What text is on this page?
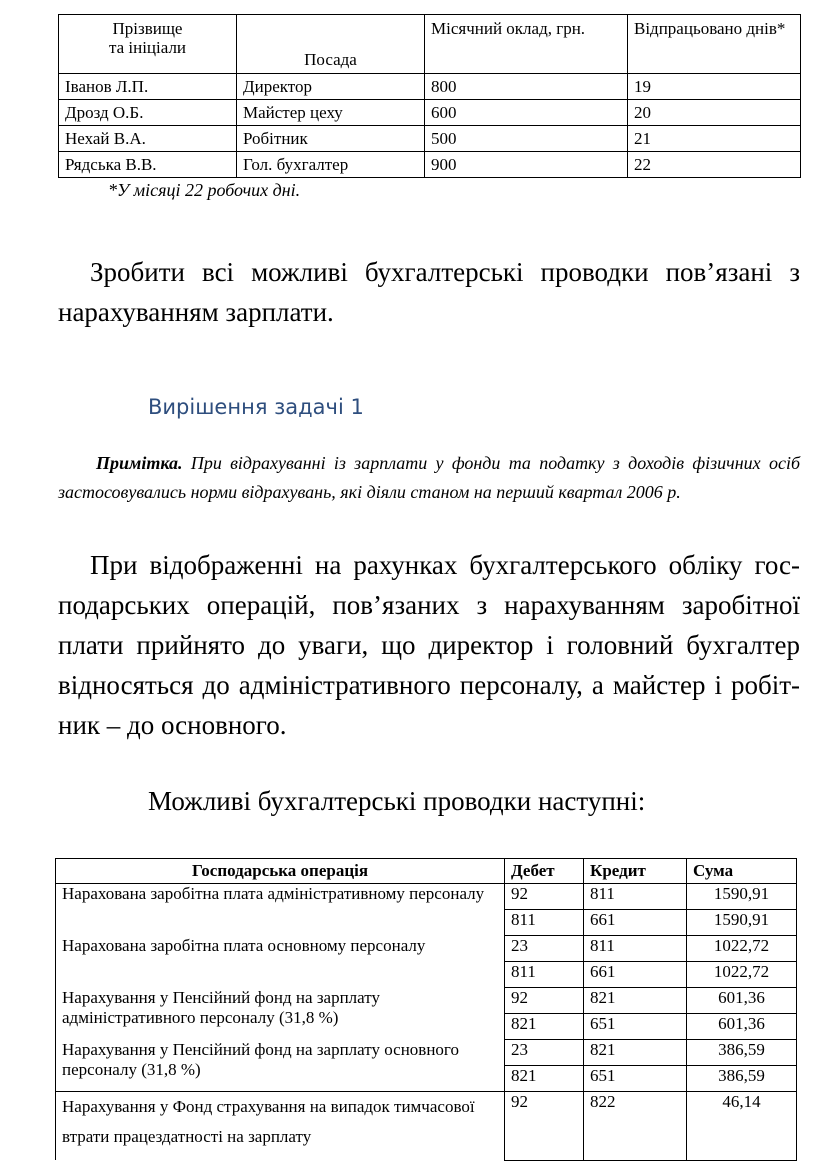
Прізвище
та ініціали	Посада	Місячний оклад, грн.	Відпрацьовано днів*
Іванов Л.П.	Директор	800	19
Дрозд О.Б.	Майстер цеху	600	20
Нехай В.А.	Робітник	500	21
Рядська В.В.	Гол. бухгалтер	900	22
*У місяці 22 робочих дні.
Зробити всі можливі бухгалтерські проводки пов’язані з нарахуванням зарплати.
Вирішення задачі 1
Примітка. При відрахуванні із зарплати у фонди та податку з доходів фізичних осіб застосовувались норми відрахувань, які діяли станом на перший квартал 2006 р.
При відображенні на рахунках бухгалтерського обліку гос- подарських операцій, пов’язаних з нарахуванням заробітної плати прийнято до уваги, що директор і головний бухгалтер відносяться до адміністративного персоналу, а майстер і робіт- ник – до основного.
Можливі бухгалтерські проводки наступні:
Господарська операція	Дебет	Кредит	Сума
Нарахована заробітна плата адміністративному персоналу	92	811	1590,91
	811	661	1590,91
Нарахована заробітна плата основному персоналу	23	811	1022,72
	811	661	1022,72
Нарахування у Пенсійний фонд на зарплату адміністративного персоналу (31,8 %)	92	821	601,36
	821	651	601,36
Нарахування у Пенсійний фонд на зарплату основного персоналу (31,8 %)	23	821	386,59
	821	651	386,59
Нарахування у Фонд страхування на випадок тимчасової втрати працездатності на зарплату	92	822	46,14
